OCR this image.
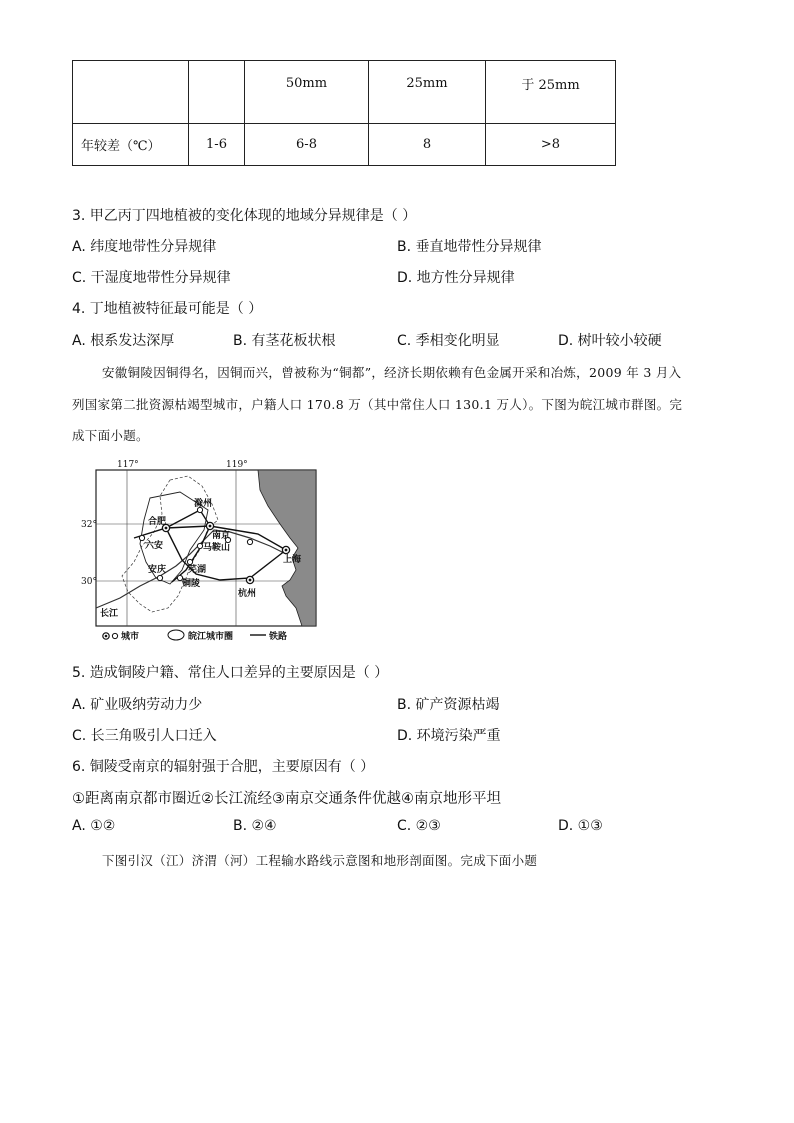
		50mm	25mm	于 25mm
年较差（℃）	1-6	6-8	8	>8
3. 甲乙丙丁四地植被的变化体现的地域分异规律是（ ）
A. 纬度地带性分异规律	B. 垂直地带性分异规律
C. 干湿度地带性分异规律	D. 地方性分异规律
4. 丁地植被特征最可能是（ ）
A. 根系发达深厚	B. 有茎花板状根	C. 季相变化明显	D. 树叶较小较硬
安徽铜陵因铜得名，因铜而兴，曾被称为“铜都”，经济长期依赖有色金属开采和冶炼，2009 年 3 月入
列国家第二批资源枯竭型城市，户籍人口 170.8 万（其中常住人口 130.1 万人）。下图为皖江城市群图。完
成下面小题。
117°	119°
32°
30°
滁州
合肥
南京
六安	马鞍山
上海
安庆 芜湖
铜陵
杭州
长江
城市	皖江城市圈	铁路
5. 造成铜陵户籍、常住人口差异的主要原因是（ ）
A. 矿业吸纳劳动力少	B. 矿产资源枯竭
C. 长三角吸引人口迁入	D. 环境污染严重
6. 铜陵受南京的辐射强于合肥，主要原因有（ ）
①距离南京都市圈近②长江流经③南京交通条件优越④南京地形平坦
A. ①②	B. ②④	C. ②③	D. ①③
下图引汉（江）济渭（河）工程输水路线示意图和地形剖面图。完成下面小题
